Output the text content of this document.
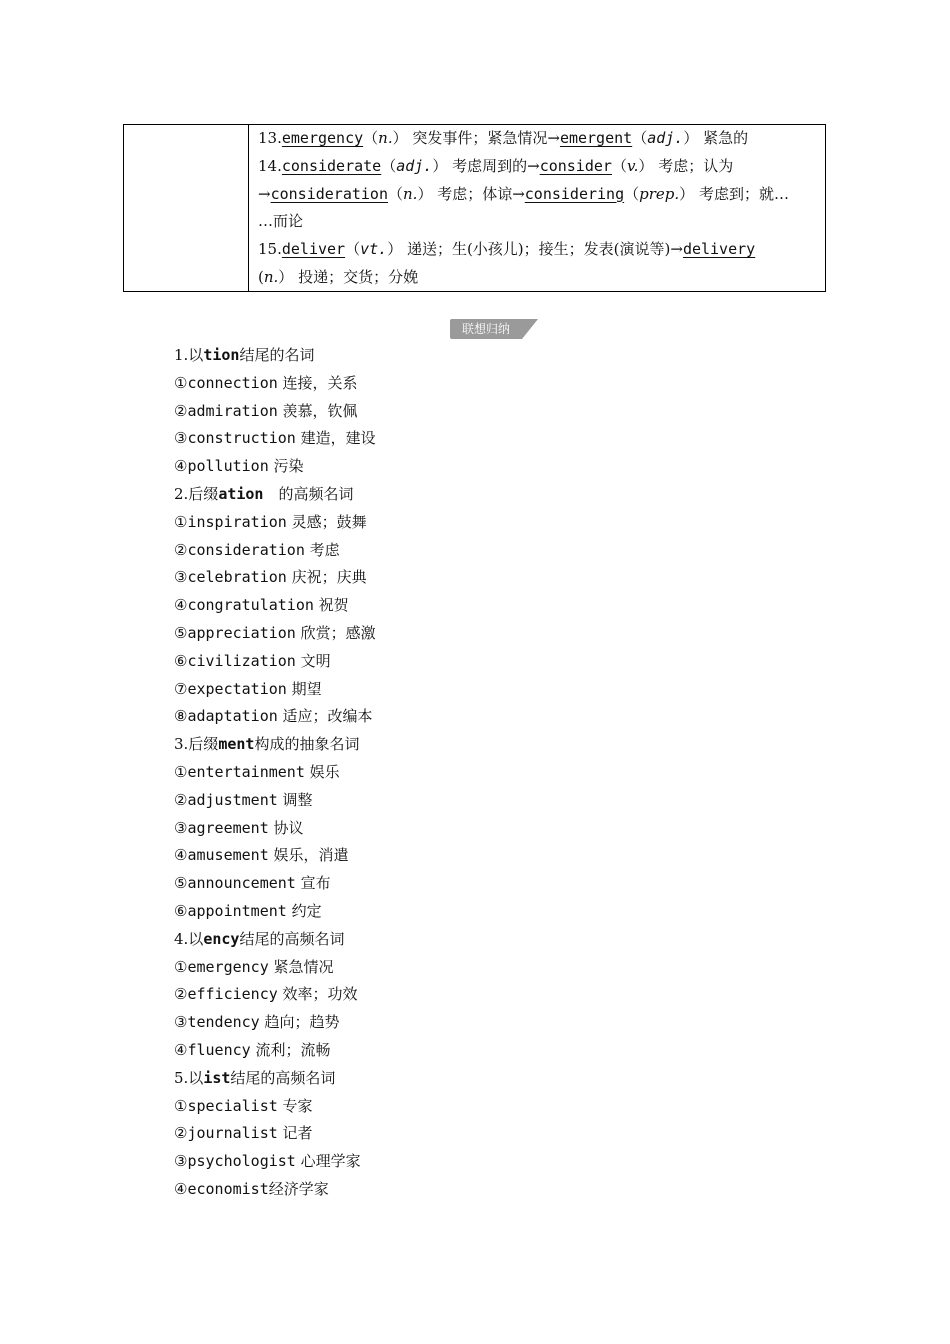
13.emergency（n.） 突发事件；紧急情况→emergent（adj.） 紧急的
14.considerate（adj.） 考虑周到的→consider（v.） 考虑；认为
→consideration（n.） 考虑；体谅→considering（prep.） 考虑到；就…
…而论
15.deliver（vt.） 递送；生(小孩儿)；接生；发表(演说等)→delivery
(n.） 投递；交货；分娩
联想归纳
1.以tion结尾的名词
①connection 连接，关系
②admiration 羡慕，钦佩
③construction 建造，建设
④pollution 污染
2.后缀ation　的高频名词
①inspiration 灵感；鼓舞
②consideration 考虑
③celebration 庆祝；庆典
④congratulation 祝贺
⑤appreciation 欣赏；感激
⑥civilization 文明
⑦expectation 期望
⑧adaptation 适应；改编本
3.后缀ment构成的抽象名词
①entertainment 娱乐
②adjustment 调整
③agreement 协议
④amusement 娱乐，消遣
⑤announcement 宣布
⑥appointment 约定
4.以ency结尾的高频名词
①emergency 紧急情况
②efficiency 效率；功效
③tendency 趋向；趋势
④fluency 流利；流畅
5.以ist结尾的高频名词
①specialist 专家
②journalist 记者
③psychologist 心理学家
④economist经济学家
